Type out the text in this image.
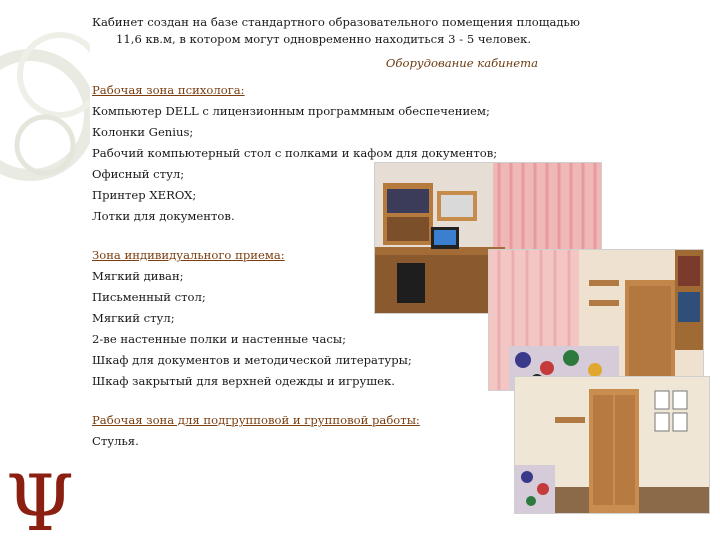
Ψ

Кабинет создан на базе стандартного образовательного помещения площадью
11,6 кв.м, в котором могут одновременно находиться 3 - 5 человек.

Оборудование кабинета

Рабочая зона психолога:

Компьютер DELL с лицензионным программным обеспечением;

Колонки Genius;

Рабочий компьютерный стол с полками и кафом для документов;

Офисный стул;

Принтер XEROX;

Лотки для документов.

Зона индивидуального приема:

Мягкий диван;

Письменный стол;

Мягкий стул;

2-ве настенные полки и настенные часы;

Шкаф для документов и методической литературы;

Шкаф закрытый для верхней одежды и игрушек.

Рабочая зона для подгрупповой и групповой работы:

Стулья.
